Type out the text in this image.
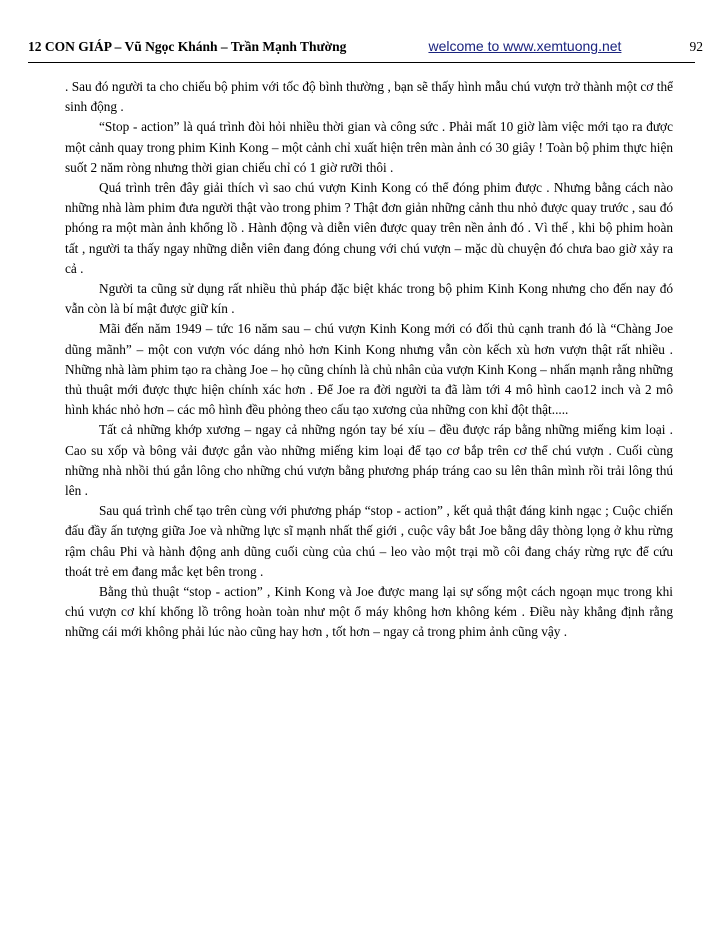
12 CON GIÁP – Vũ Ngọc Khánh – Trần Mạnh Thường	welcome to www.xemtuong.net	92

. Sau đó người ta cho chiếu bộ phim với tốc độ bình thường , bạn sẽ thấy hình mẫu chú vượn trở thành một cơ thể sinh động .

“Stop - action” là quá trình đòi hỏi nhiều thời gian và công sức . Phải mất 10 giờ làm việc mới tạo ra được một cảnh quay trong phim Kinh Kong – một cảnh chỉ xuất hiện trên màn ảnh có 30 giây ! Toàn bộ phim thực hiện suốt 2 năm ròng nhưng thời gian chiếu chỉ có 1 giờ rưỡi thôi .

Quá trình trên đây giải thích vì sao chú vượn Kinh Kong có thể đóng phim được . Nhưng bằng cách nào những nhà làm phim đưa người thật vào trong phim ? Thật đơn giản những cảnh thu nhỏ được quay trước , sau đó phóng ra một màn ảnh khổng lồ . Hành động và diễn viên được quay trên nền ảnh đó . Vì thế , khi bộ phim hoàn tất , người ta thấy ngay những diễn viên đang đóng chung với chú vượn – mặc dù chuyện đó chưa bao giờ xảy ra cả .

Người ta cũng sử dụng rất nhiều thủ pháp đặc biệt khác trong bộ phim Kinh Kong nhưng cho đến nay đó vẫn còn là bí mật được giữ kín .

Mãi đến năm 1949 – tức 16 năm sau – chú vượn Kinh Kong mới có đối thủ cạnh tranh đó là “Chàng Joe dũng mãnh” – một con vượn vóc dáng nhỏ hơn Kinh Kong nhưng vẫn còn kếch xù hơn vượn thật rất nhiều . Những nhà làm phim tạo ra chàng Joe – họ cũng chính là chủ nhân của vượn Kinh Kong – nhấn mạnh rằng những thủ thuật mới được thực hiện chính xác hơn . Để Joe ra đời người ta đã làm tới 4 mô hình cao12 inch và 2 mô hình khác nhỏ hơn – các mô hình đều phỏng theo cấu tạo xương của những con khỉ đột thật.....

Tất cả những khớp xương – ngay cả những ngón tay bé xíu – đều được ráp bằng những miếng kim loại . Cao su xốp và bông vải được gắn vào những miếng kim loại để tạo cơ bắp trên cơ thể chú vượn . Cuối cùng những nhà nhồi thú gắn lông cho những chú vượn bằng phương pháp tráng cao su lên thân mình rồi trải lông thú lên .

Sau quá trình chế tạo trên cùng với phương pháp “stop - action” , kết quả thật đáng kinh ngạc ; Cuộc chiến đấu đầy ấn tượng giữa Joe và những lực sĩ mạnh nhất thế giới , cuộc vây bắt Joe bằng dây thòng lọng ở khu rừng rậm châu Phi và hành động anh dũng cuối cùng của chú – leo vào một trại mồ côi đang cháy rừng rực để cứu thoát trẻ em đang mắc kẹt bên trong .

Bằng thủ thuật “stop - action” , Kinh Kong và Joe được mang lại sự sống một cách ngoạn mục trong khi chú vượn cơ khí khổng lồ trông hoàn toàn như một ổ máy không hơn không kém . Điều này khẳng định rằng những cái mới không phải lúc nào cũng hay hơn , tốt hơn – ngay cả trong phim ảnh cũng vậy .
